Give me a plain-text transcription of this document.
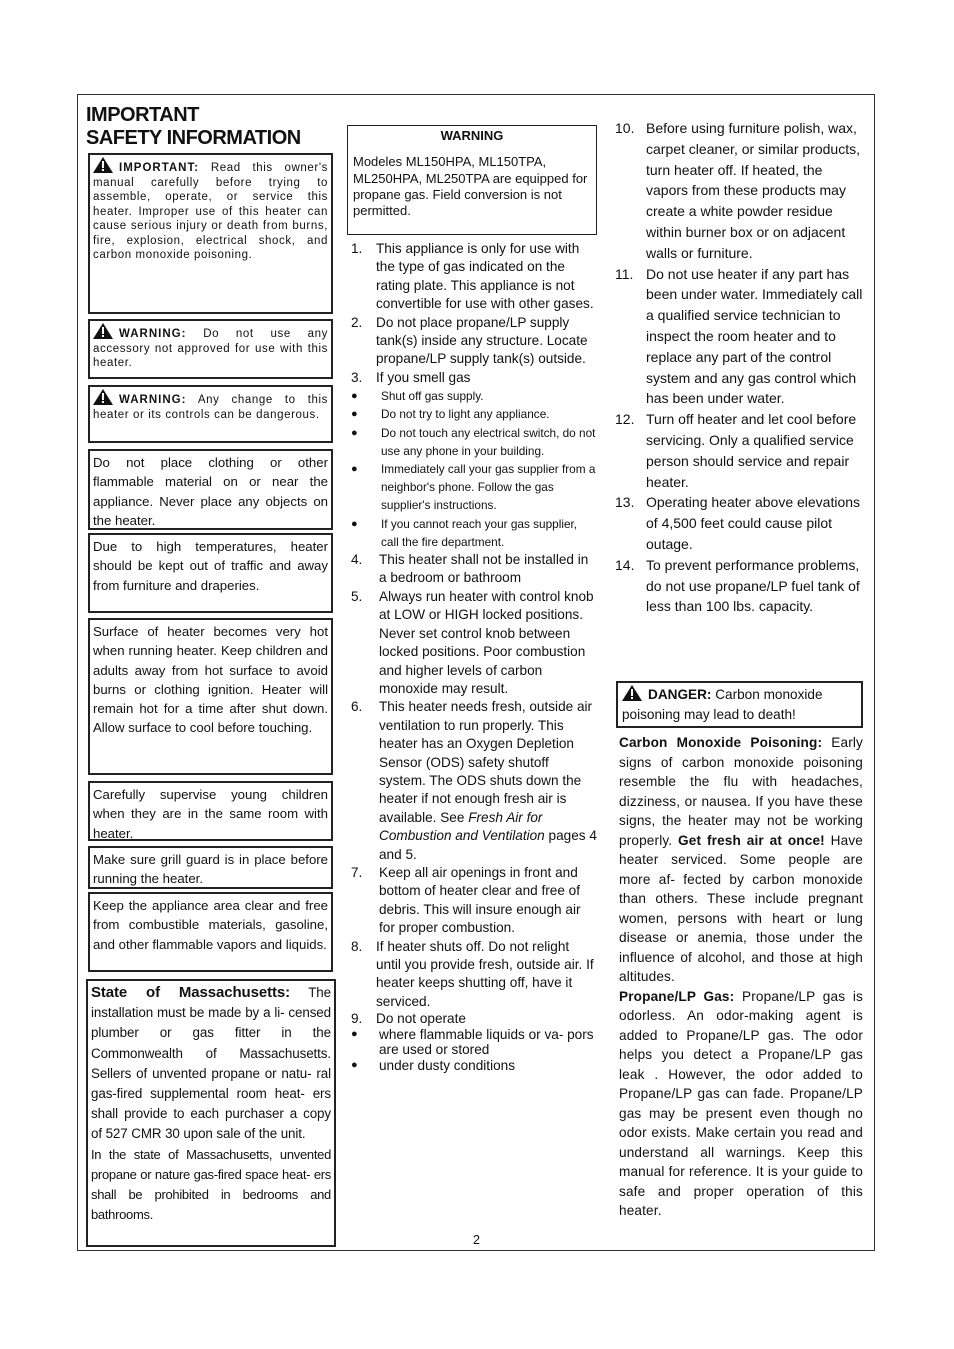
IMPORTANT
SAFETY INFORMATION
IMPORTANT: Read this owner's manual carefully before trying to assemble, operate, or service this heater. Improper use of this heater can cause serious injury or death from burns, fire, explosion, electrical shock, and carbon monoxide poisoning.
WARNING: Do not use any accessory not approved for use with this heater.
WARNING: Any change to this heater or its controls can be dangerous.
Do not place clothing or other flammable material on or near the appliance. Never place any objects on the heater.
Due to high temperatures, heater should be kept out of traffic and away from furniture and draperies.
Surface of heater becomes very hot when running heater. Keep children and adults away from hot surface to avoid burns or clothing ignition. Heater will remain hot for a time after shut down. Allow surface to cool before touching.
Carefully supervise young children when they are in the same room with heater.
Make sure grill guard is in place before running the heater.
Keep the appliance area clear and free from combustible materials, gasoline, and other flammable vapors and liquids.
State of Massachusetts: The installation must be made by a li- censed plumber or gas fitter in the Commonwealth of Massachusetts. Sellers of unvented propane or natu- ral gas-fired supplemental room heat- ers shall provide to each purchaser a copy of 527 CMR 30 upon sale of the unit.
In the state of Massachusetts, unvented propane or nature gas-fired space heat- ers shall be prohibited in bedrooms and bathrooms.
WARNING
Modeles ML150HPA, ML150TPA, ML250HPA, ML250TPA are equipped for propane gas. Field conversion is not permitted.
1. This appliance is only for use with the type of gas indicated on the rating plate. This appliance is not convertible for use with other gases.
2. Do not place propane/LP supply tank(s) inside any structure. Locate propane/LP supply tank(s) outside.
3. If you smell gas
● Shut off gas supply.
● Do not try to light any appliance.
● Do not touch any electrical switch, do not use any phone in your building.
● Immediately call your gas supplier from a neighbor's phone. Follow the gas supplier's instructions.
● If you cannot reach your gas supplier, call the fire department.
4. This heater shall not be installed in a bedroom or bathroom
5. Always run heater with control knob at LOW or HIGH locked positions. Never set control knob between locked positions. Poor combustion and higher levels of carbon monoxide may result.
6. This heater needs fresh, outside air ventilation to run properly. This heater has an Oxygen Depletion Sensor (ODS) safety shutoff system. The ODS shuts down the heater if not enough fresh air is available. See Fresh Air for Combustion and Ventilation pages 4 and 5.
7. Keep all air openings in front and bottom of heater clear and free of debris. This will insure enough air for proper combustion.
8. If heater shuts off. Do not relight until you provide fresh, outside air. If heater keeps shutting off, have it serviced.
9. Do not operate
● where flammable liquids or va- pors are used or stored
● under dusty conditions
2
10. Before using furniture polish, wax, carpet cleaner, or similar products, turn heater off. If heated, the vapors from these products may create a white powder residue within burner box or on adjacent walls or furniture.
11. Do not use heater if any part has been under water. Immediately call a qualified service technician to inspect the room heater and to replace any part of the control system and any gas control which has been under water.
12. Turn off heater and let cool before servicing. Only a qualified service person should service and repair heater.
13. Operating heater above elevations of 4,500 feet could cause pilot outage.
14. To prevent performance problems, do not use propane/LP fuel tank of less than 100 lbs. capacity.
DANGER: Carbon monoxide poisoning may lead to death!
Carbon Monoxide Poisoning: Early signs of carbon monoxide poisoning resemble the flu with headaches, dizziness, or nausea. If you have these signs, the heater may not be working properly. Get fresh air at once! Have heater serviced. Some people are more af- fected by carbon monoxide than others. These include pregnant women, persons with heart or lung disease or anemia, those under the influence of alcohol, and those at high altitudes.
Propane/LP Gas: Propane/LP gas is odorless. An odor-making agent is added to Propane/LP gas. The odor helps you detect a Propane/LP gas leak . However, the odor added to Propane/LP gas can fade. Propane/LP gas may be present even though no odor exists. Make certain you read and understand all warnings. Keep this manual for reference. It is your guide to safe and proper operation of this heater.
